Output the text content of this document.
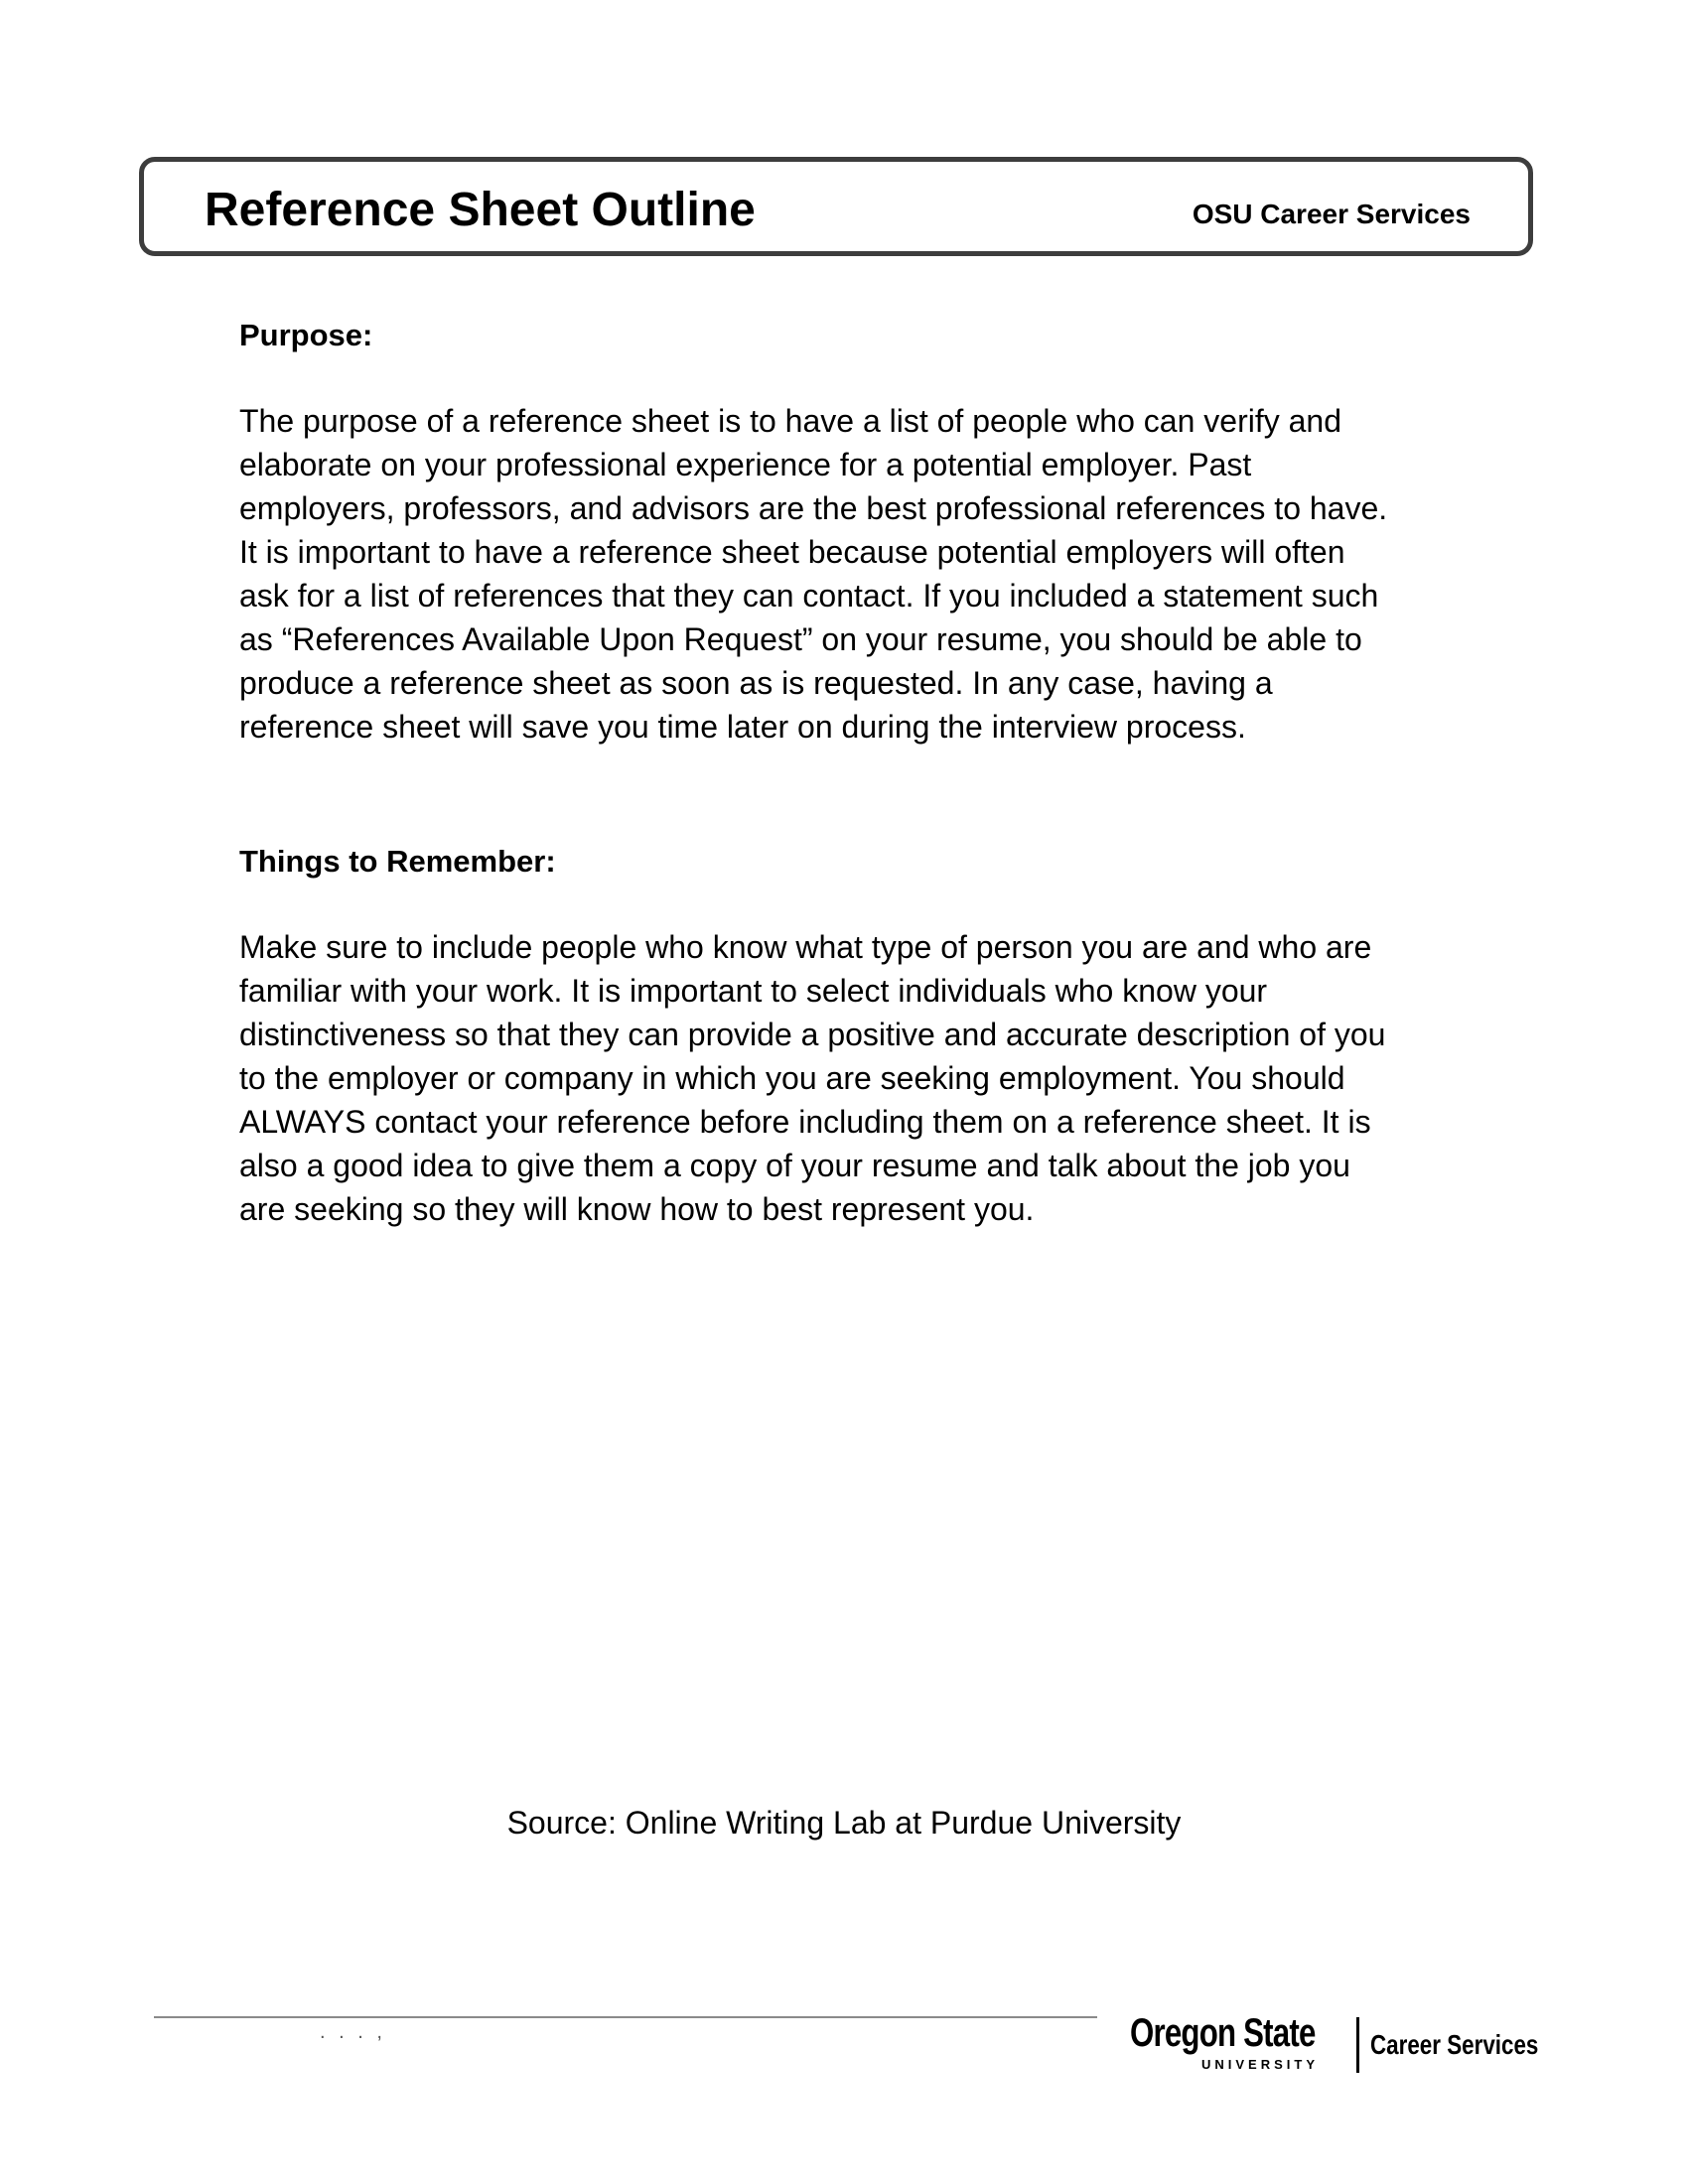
Reference Sheet Outline	OSU Career Services
Purpose:

The purpose of a reference sheet is to have a list of people who can verify and
elaborate on your professional experience for a potential employer. Past
employers, professors, and advisors are the best professional references to have.
It is important to have a reference sheet because potential employers will often
ask for a list of references that they can contact. If you included a statement such
as “References Available Upon Request” on your resume, you should be able to
produce a reference sheet as soon as is requested. In any case, having a
reference sheet will save you time later on during the interview process.

Things to Remember:

Make sure to include people who know what type of person you are and who are
familiar with your work. It is important to select individuals who know your
distinctiveness so that they can provide a positive and accurate description of you
to the employer or company in which you are seeking employment. You should
ALWAYS contact your reference before including them on a reference sheet. It is
also a good idea to give them a copy of your resume and talk about the job you
are seeking so they will know how to best represent you.

Source: Online Writing Lab at Purdue University
. . . ,	Oregon State
UNIVERSITY
Career Services
